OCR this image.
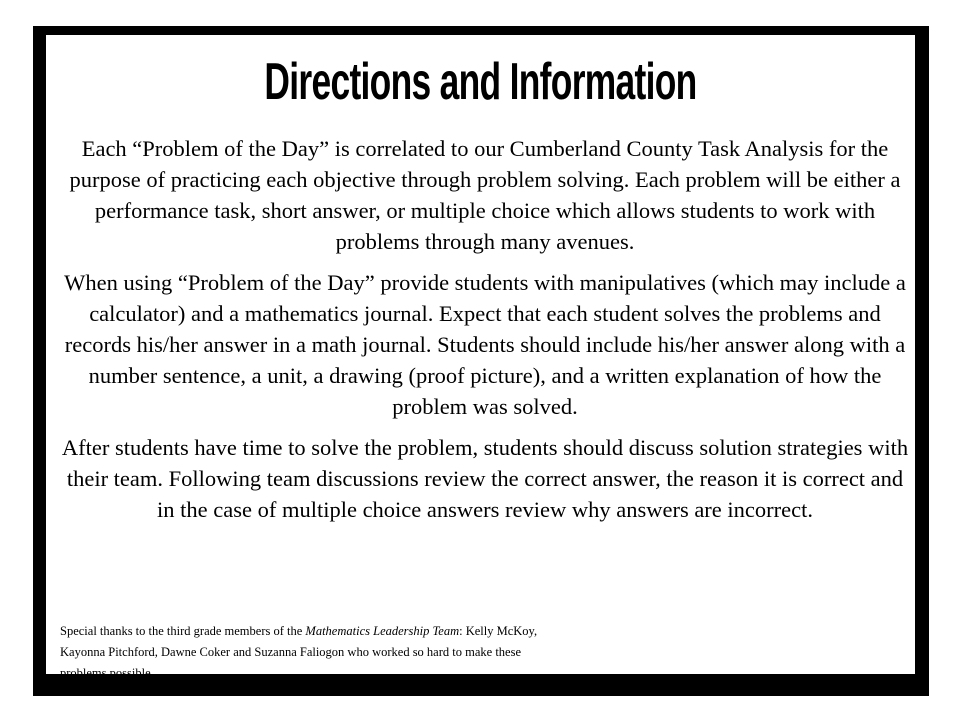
Directions and Information

Each “Problem of the Day” is correlated to our Cumberland County Task Analysis for the purpose of practicing each objective through problem solving. Each problem will be either a performance task, short answer, or multiple choice which allows students to work with problems through many avenues.

When using “Problem of the Day” provide students with manipulatives (which may include a calculator) and a mathematics journal. Expect that each student solves the problems and records his/her answer in a math journal. Students should include his/her answer along with a number sentence, a unit, a drawing (proof picture), and a written explanation of how the problem was solved.

After students have time to solve the problem, students should discuss solution strategies with their team. Following team discussions review the correct answer, the reason it is correct and in the case of multiple choice answers review why answers are incorrect.

Special thanks to the third grade members of the Mathematics Leadership Team: Kelly McKoy, Kayonna Pitchford, Dawne Coker and Suzanna Faliogon who worked so hard to make these problems possible.
